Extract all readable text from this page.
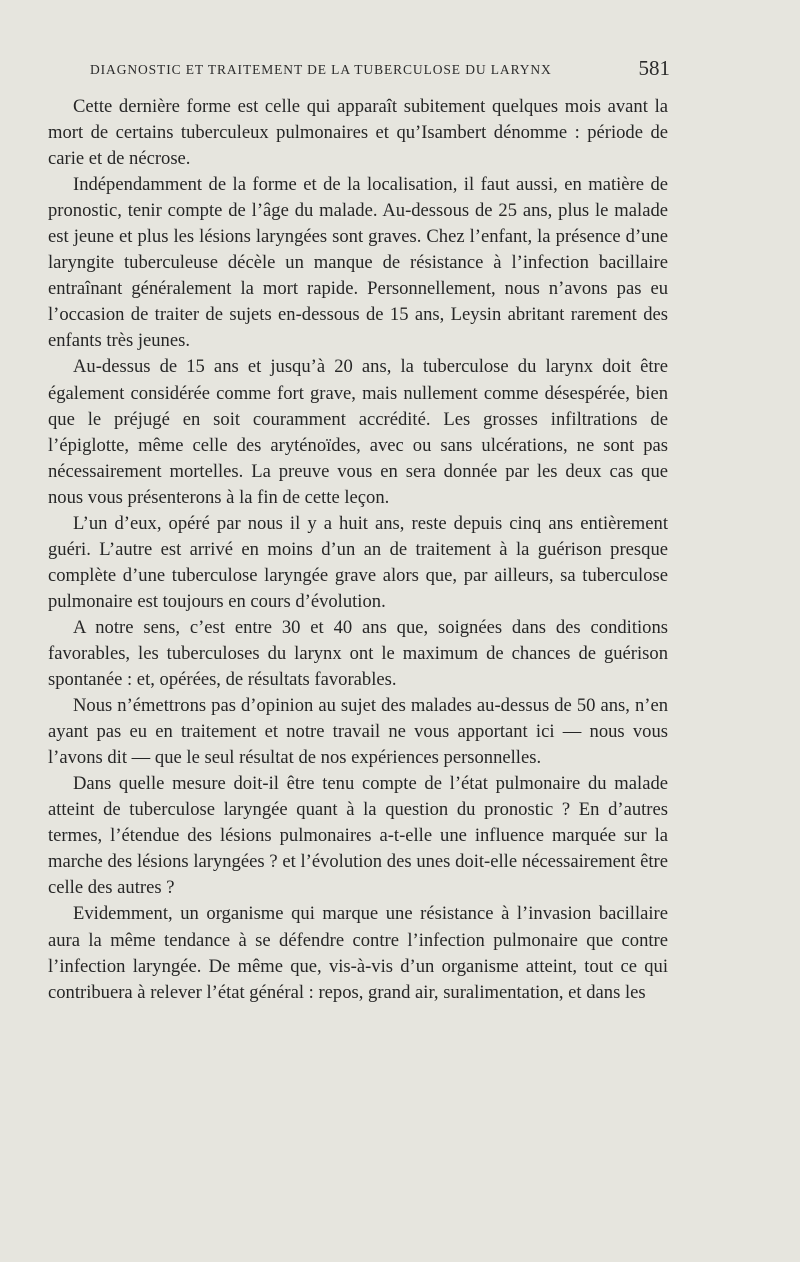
DIAGNOSTIC ET TRAITEMENT DE LA TUBERCULOSE DU LARYNX	581

Cette dernière forme est celle qui apparaît subitement quelques mois avant la mort de certains tuberculeux pulmonaires et qu’Isambert dénomme : période de carie et de nécrose.

Indépendamment de la forme et de la localisation, il faut aussi, en matière de pronostic, tenir compte de l’âge du malade. Au-dessous de 25 ans, plus le malade est jeune et plus les lésions laryngées sont graves. Chez l’enfant, la présence d’une laryngite tuberculeuse décèle un manque de résistance à l’infection bacillaire entraînant généralement la mort rapide. Personnellement, nous n’avons pas eu l’occasion de traiter de sujets en-dessous de 15 ans, Leysin abritant rarement des enfants très jeunes.

Au-dessus de 15 ans et jusqu’à 20 ans, la tuberculose du larynx doit être également considérée comme fort grave, mais nullement comme désespérée, bien que le préjugé en soit couramment accrédité. Les grosses infiltrations de l’épiglotte, même celle des aryténoïdes, avec ou sans ulcérations, ne sont pas nécessairement mortelles. La preuve vous en sera donnée par les deux cas que nous vous présenterons à la fin de cette leçon.

L’un d’eux, opéré par nous il y a huit ans, reste depuis cinq ans entièrement guéri. L’autre est arrivé en moins d’un an de traitement à la guérison presque complète d’une tuberculose laryngée grave alors que, par ailleurs, sa tuberculose pulmonaire est toujours en cours d’évolution.

A notre sens, c’est entre 30 et 40 ans que, soignées dans des conditions favorables, les tuberculoses du larynx ont le maximum de chances de guérison spontanée : et, opérées, de résultats favorables.

Nous n’émettrons pas d’opinion au sujet des malades au-dessus de 50 ans, n’en ayant pas eu en traitement et notre travail ne vous apportant ici — nous vous l’avons dit — que le seul résultat de nos expériences personnelles.

Dans quelle mesure doit-il être tenu compte de l’état pulmonaire du malade atteint de tuberculose laryngée quant à la question du pronostic ? En d’autres termes, l’étendue des lésions pulmonaires a-t-elle une influence marquée sur la marche des lésions laryngées ? et l’évolution des unes doit-elle nécessairement être celle des autres ?

Evidemment, un organisme qui marque une résistance à l’invasion bacillaire aura la même tendance à se défendre contre l’infection pulmonaire que contre l’infection laryngée. De même que, vis-à-vis d’un organisme atteint, tout ce qui contribuera à relever l’état général : repos, grand air, suralimentation, et dans les
